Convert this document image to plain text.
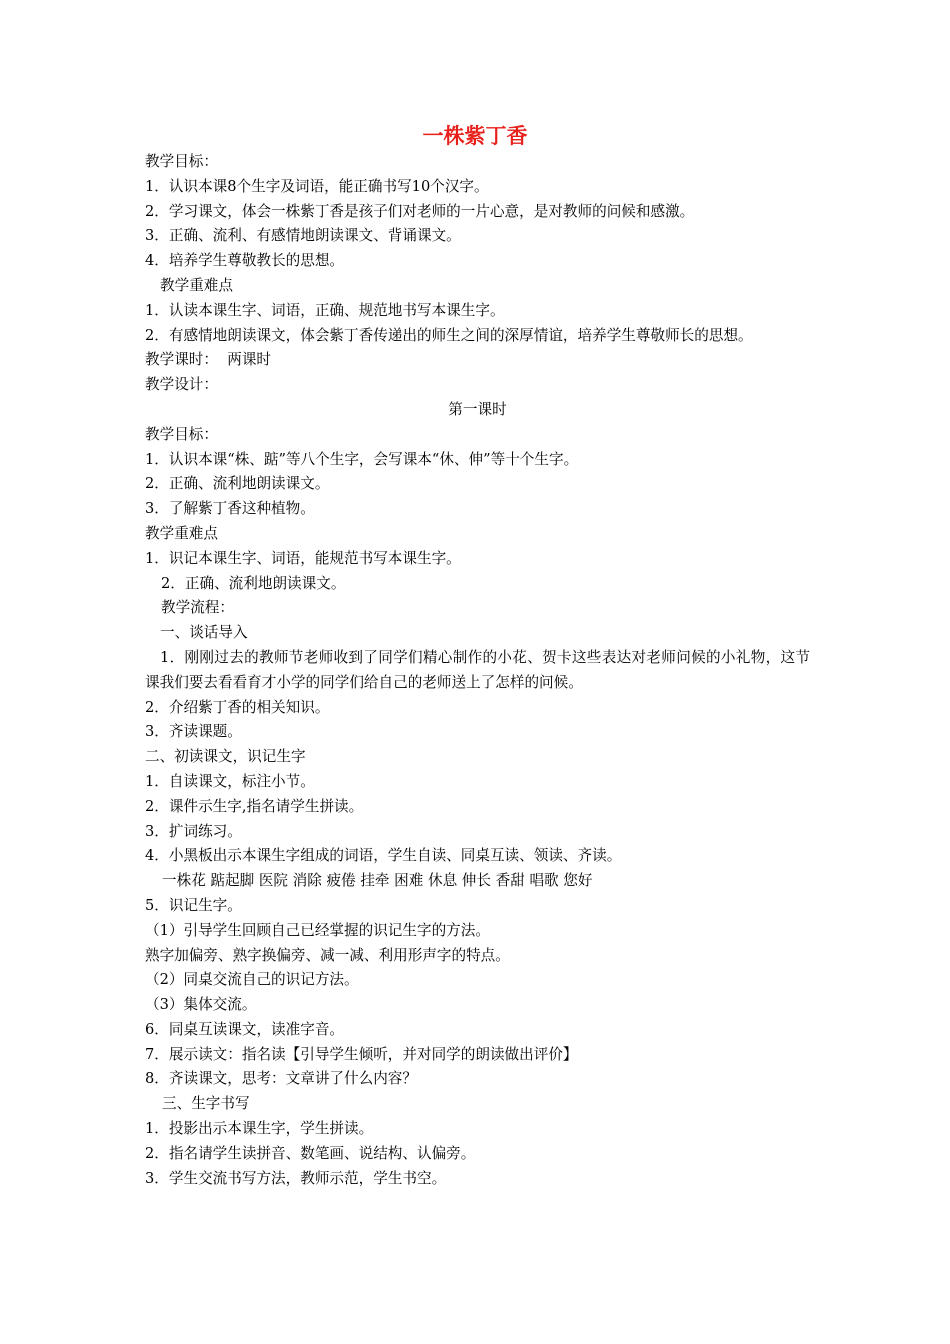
一株紫丁香
教学目标：
1．认识本课8个生字及词语，能正确书写10个汉字。
2．学习课文，体会一株紫丁香是孩子们对老师的一片心意，是对教师的问候和感激。
3．正确、流利、有感情地朗读课文、背诵课文。
4．培养学生尊敬教长的思想。
教学重难点
1．认读本课生字、词语，正确、规范地书写本课生字。
2．有感情地朗读课文，体会紫丁香传递出的师生之间的深厚情谊，培养学生尊敬师长的思想。
教学课时：  两课时
教学设计：
第一课时
教学目标：
1．认识本课“株、踮”等八个生字，会写课本“休、伸”等十个生字。
2．正确、流利地朗读课文。
3．了解紫丁香这种植物。
教学重难点
1．识记本课生字、词语，能规范书写本课生字。
2．正确、流利地朗读课文。
教学流程：
一、谈话导入
1．刚刚过去的教师节老师收到了同学们精心制作的小花、贺卡这些表达对老师问候的小礼物，这节课我们要去看看育才小学的同学们给自己的老师送上了怎样的问候。
2．介绍紫丁香的相关知识。
3．齐读课题。
二、初读课文，识记生字
1．自读课文，标注小节。
2．课件示生字,指名请学生拼读。
3．扩词练习。
4．小黑板出示本课生字组成的词语，学生自读、同桌互读、领读、齐读。
一株花 踮起脚 医院 消除 疲倦 挂牵 困难 休息 伸长 香甜 唱歌 您好
5．识记生字。
（1）引导学生回顾自己已经掌握的识记生字的方法。
熟字加偏旁、熟字换偏旁、减一减、利用形声字的特点。
（2）同桌交流自己的识记方法。
（3）集体交流。
6．同桌互读课文，读准字音。
7．展示读文：指名读【引导学生倾听，并对同学的朗读做出评价】
8．齐读课文，思考：文章讲了什么内容？
三、生字书写
1．投影出示本课生字，学生拼读。
2．指名请学生读拼音、数笔画、说结构、认偏旁。
3．学生交流书写方法，教师示范，学生书空。
